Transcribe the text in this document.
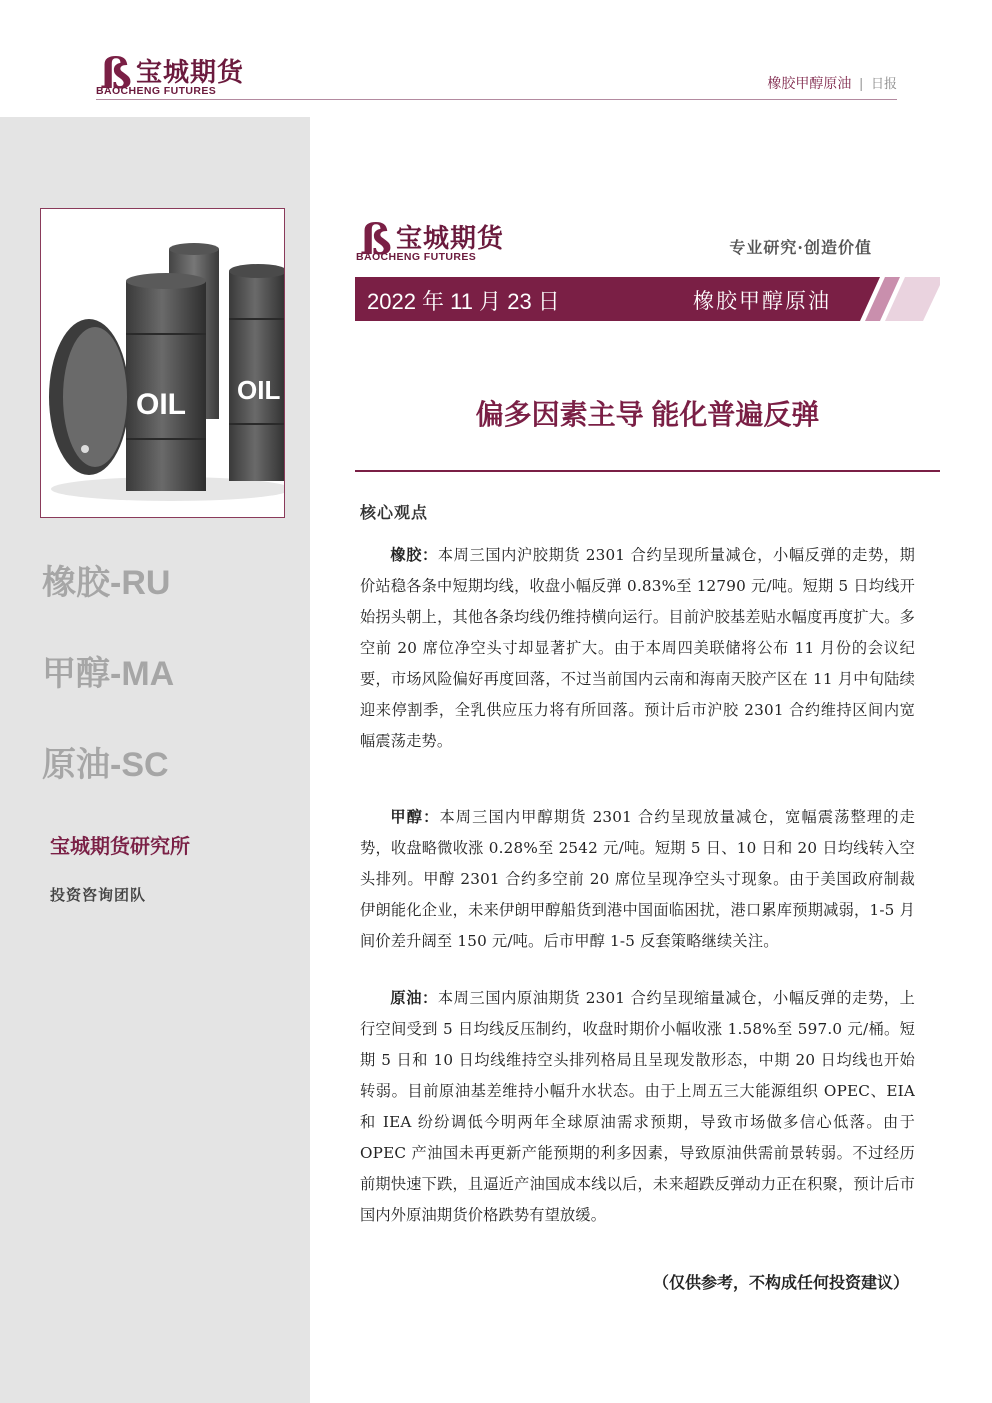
ß 宝城期货
BAOCHENG FUTURES	橡胶甲醇原油 | 日报
OIL OIL
橡胶-RU
甲醇-MA
原油-SC
宝城期货研究所
投资咨询团队
ß 宝城期货
BAOCHENG FUTURES	专业研究·创造价值
2022 年 11 月 23 日	橡胶甲醇原油
偏多因素主导 能化普遍反弹
核心观点

橡胶：本周三国内沪胶期货 2301 合约呈现所量减仓，小幅反弹的走势，期价站稳各条中短期均线，收盘小幅反弹 0.83%至 12790 元/吨。短期 5 日均线开始拐头朝上，其他各条均线仍维持横向运行。目前沪胶基差贴水幅度再度扩大。多空前 20 席位净空头寸却显著扩大。由于本周四美联储将公布 11 月份的会议纪要，市场风险偏好再度回落，不过当前国内云南和海南天胶产区在 11 月中旬陆续迎来停割季，全乳供应压力将有所回落。预计后市沪胶 2301 合约维持区间内宽幅震荡走势。

甲醇：本周三国内甲醇期货 2301 合约呈现放量减仓，宽幅震荡整理的走势，收盘略微收涨 0.28%至 2542 元/吨。短期 5 日、10 日和 20 日均线转入空头排列。甲醇 2301 合约多空前 20 席位呈现净空头寸现象。由于美国政府制裁伊朗能化企业，未来伊朗甲醇船货到港中国面临困扰，港口累库预期减弱，1-5 月间价差升阔至 150 元/吨。后市甲醇 1-5 反套策略继续关注。

原油：本周三国内原油期货 2301 合约呈现缩量减仓，小幅反弹的走势，上行空间受到 5 日均线反压制约，收盘时期价小幅收涨 1.58%至 597.0 元/桶。短期 5 日和 10 日均线维持空头排列格局且呈现发散形态，中期 20 日均线也开始转弱。目前原油基差维持小幅升水状态。由于上周五三大能源组织 OPEC、EIA 和 IEA 纷纷调低今明两年全球原油需求预期，导致市场做多信心低落。由于 OPEC 产油国未再更新产能预期的利多因素，导致原油供需前景转弱。不过经历前期快速下跌，且逼近产油国成本线以后，未来超跌反弹动力正在积聚，预计后市国内外原油期货价格跌势有望放缓。

（仅供参考，不构成任何投资建议）
